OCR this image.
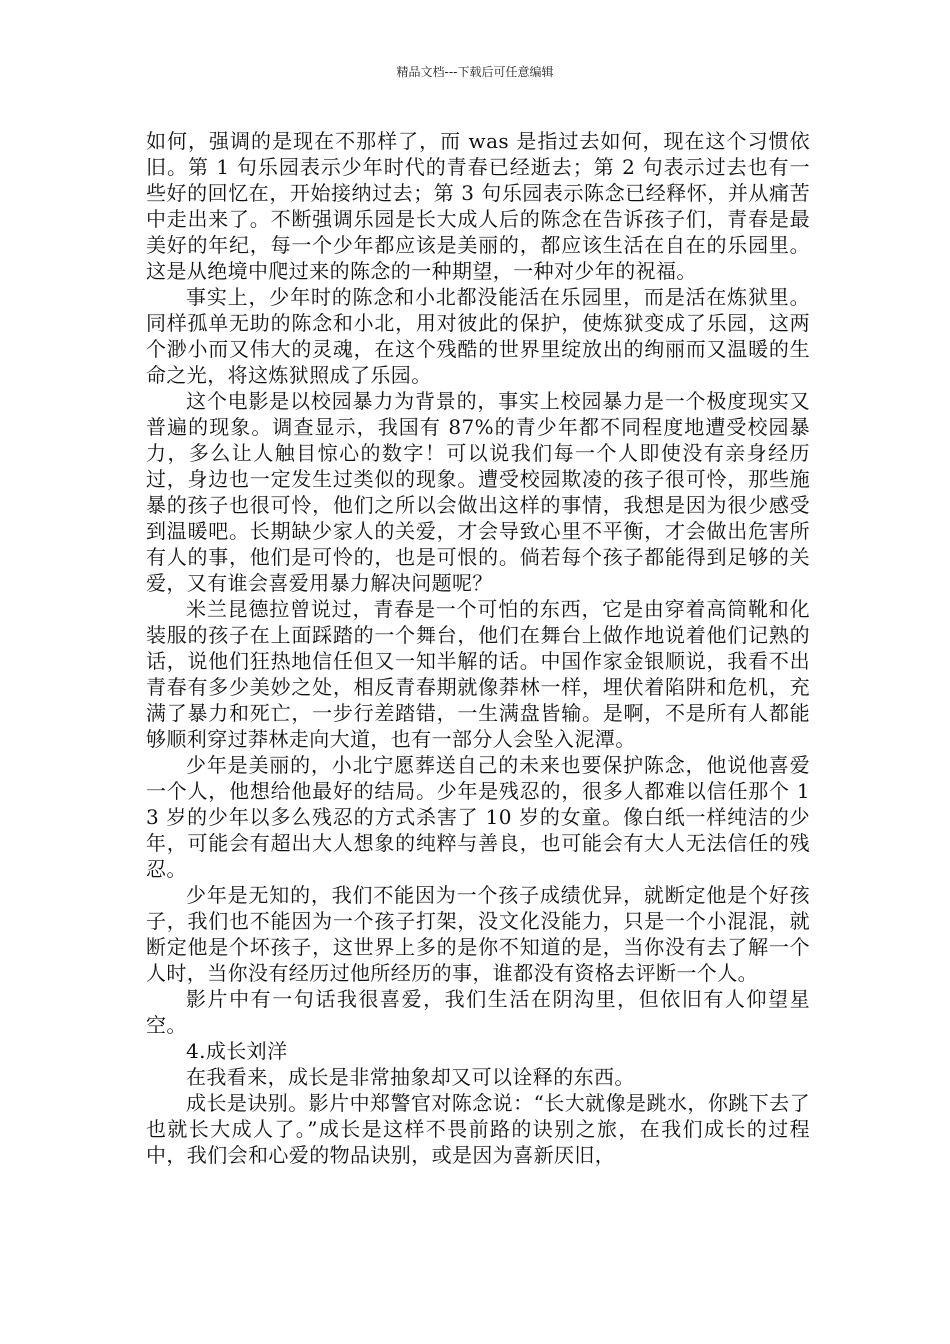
精品文档---下载后可任意编辑

如何，强调的是现在不那样了，而 was 是指过去如何，现在这个习惯依旧。第 1 句乐园表示少年时代的青春已经逝去；第 2 句表示过去也有一些好的回忆在，开始接纳过去；第 3 句乐园表示陈念已经释怀，并从痛苦中走出来了。不断强调乐园是长大成人后的陈念在告诉孩子们，青春是最美好的年纪，每一个少年都应该是美丽的，都应该生活在自在的乐园里。这是从绝境中爬过来的陈念的一种期望，一种对少年的祝福。

事实上，少年时的陈念和小北都没能活在乐园里，而是活在炼狱里。同样孤单无助的陈念和小北，用对彼此的保护，使炼狱变成了乐园，这两个渺小而又伟大的灵魂，在这个残酷的世界里绽放出的绚丽而又温暖的生命之光，将这炼狱照成了乐园。

这个电影是以校园暴力为背景的，事实上校园暴力是一个极度现实又普遍的现象。调查显示，我国有 87%的青少年都不同程度地遭受校园暴力，多么让人触目惊心的数字！可以说我们每一个人即使没有亲身经历过，身边也一定发生过类似的现象。遭受校园欺凌的孩子很可怜，那些施暴的孩子也很可怜，他们之所以会做出这样的事情，我想是因为很少感受到温暖吧。长期缺少家人的关爱，才会导致心里不平衡，才会做出危害所有人的事，他们是可怜的，也是可恨的。倘若每个孩子都能得到足够的关爱，又有谁会喜爱用暴力解决问题呢？

米兰昆德拉曾说过，青春是一个可怕的东西，它是由穿着高筒靴和化装服的孩子在上面踩踏的一个舞台，他们在舞台上做作地说着他们记熟的话，说他们狂热地信任但又一知半解的话。中国作家金银顺说，我看不出青春有多少美妙之处，相反青春期就像莽林一样，埋伏着陷阱和危机，充满了暴力和死亡，一步行差踏错，一生满盘皆输。是啊，不是所有人都能够顺利穿过莽林走向大道，也有一部分人会坠入泥潭。

少年是美丽的，小北宁愿葬送自己的未来也要保护陈念，他说他喜爱一个人，他想给他最好的结局。少年是残忍的，很多人都难以信任那个 13 岁的少年以多么残忍的方式杀害了 10 岁的女童。像白纸一样纯洁的少年，可能会有超出大人想象的纯粹与善良，也可能会有大人无法信任的残忍。

少年是无知的，我们不能因为一个孩子成绩优异，就断定他是个好孩子，我们也不能因为一个孩子打架，没文化没能力，只是一个小混混，就断定他是个坏孩子，这世界上多的是你不知道的是，当你没有去了解一个人时，当你没有经历过他所经历的事，谁都没有资格去评断一个人。

影片中有一句话我很喜爱，我们生活在阴沟里，但依旧有人仰望星空。

4.成长刘洋

在我看来，成长是非常抽象却又可以诠释的东西。

成长是诀别。影片中郑警官对陈念说：“长大就像是跳水，你跳下去了也就长大成人了。”成长是这样不畏前路的诀别之旅，在我们成长的过程中，我们会和心爱的物品诀别，或是因为喜新厌旧，
